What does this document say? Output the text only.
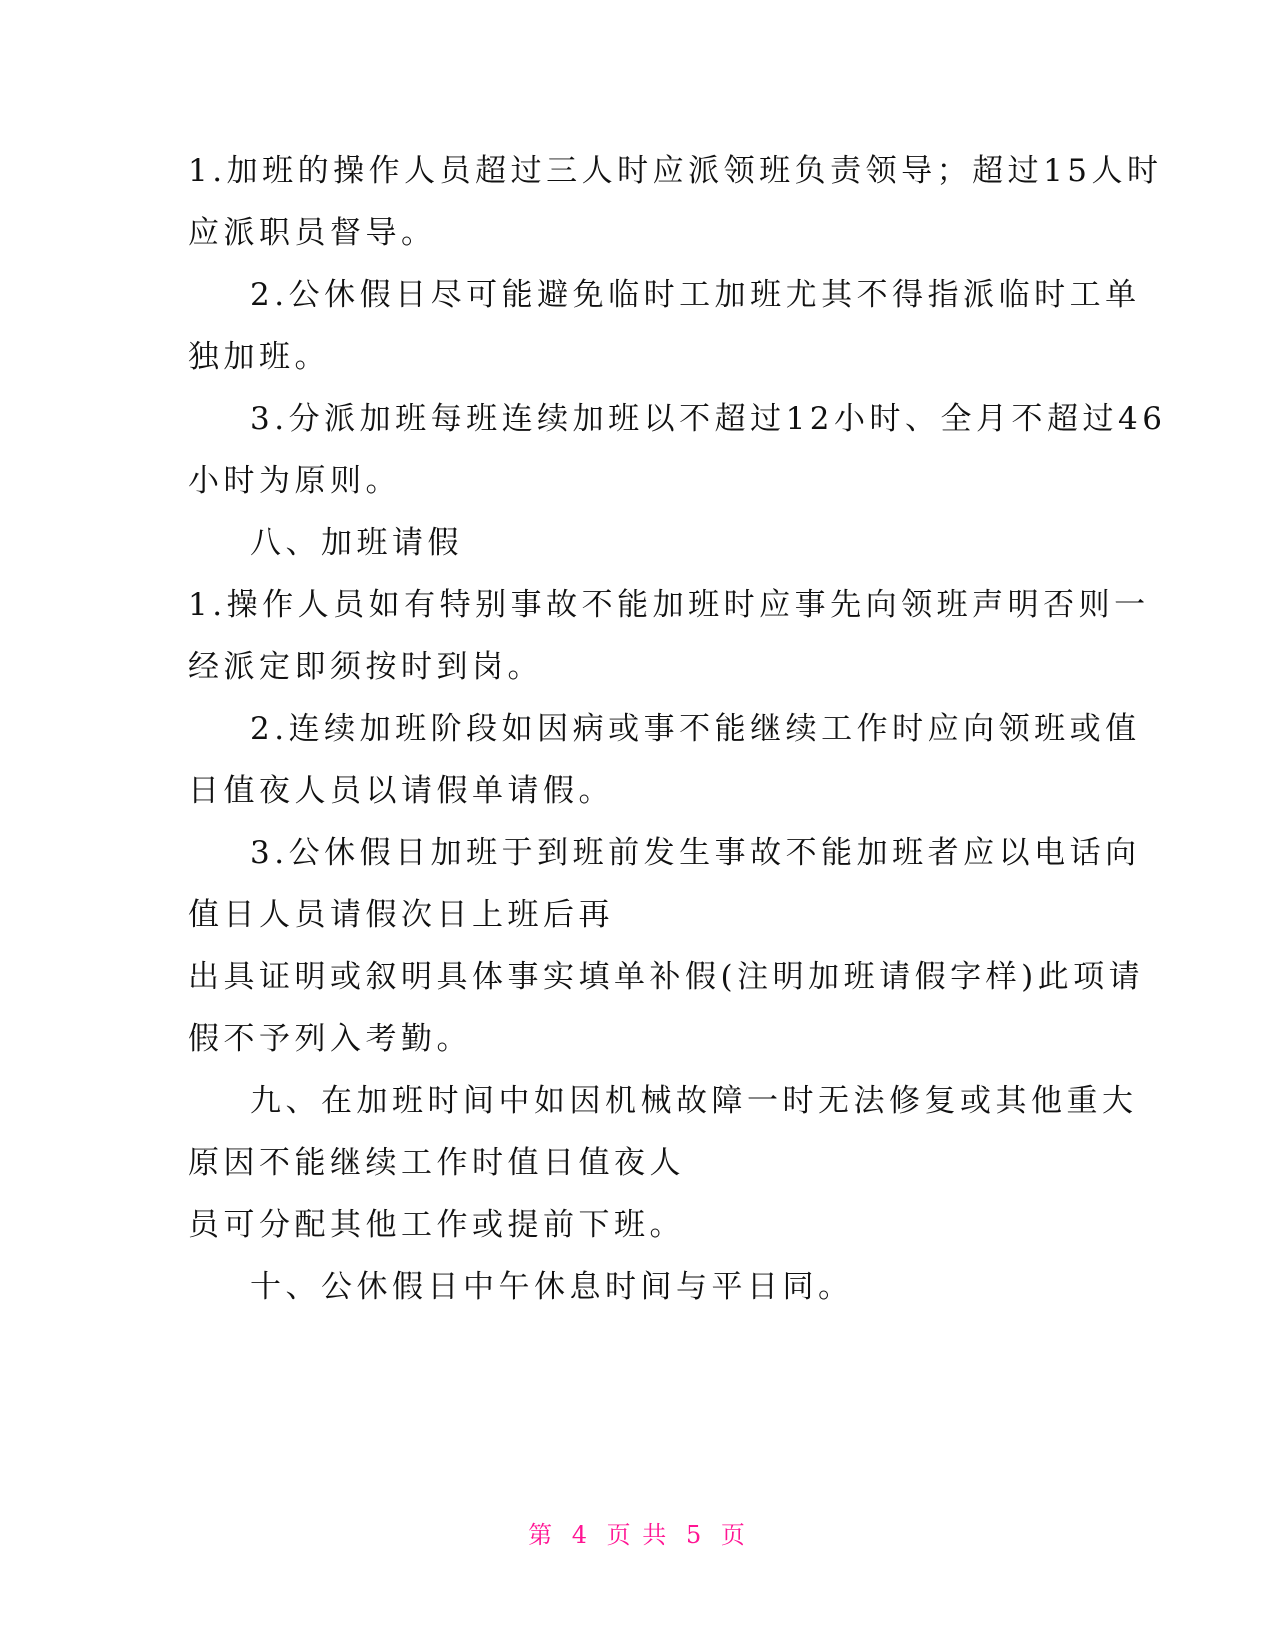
1.加班的操作人员超过三人时应派领班负责领导；超过15人时
应派职员督导。
2.公休假日尽可能避免临时工加班尤其不得指派临时工单
独加班。
3.分派加班每班连续加班以不超过12小时、全月不超过46
小时为原则。
八、加班请假
1.操作人员如有特别事故不能加班时应事先向领班声明否则一
经派定即须按时到岗。
2.连续加班阶段如因病或事不能继续工作时应向领班或值
日值夜人员以请假单请假。
3.公休假日加班于到班前发生事故不能加班者应以电话向
值日人员请假次日上班后再
出具证明或叙明具体事实填单补假(注明加班请假字样)此项请
假不予列入考勤。
九、在加班时间中如因机械故障一时无法修复或其他重大
原因不能继续工作时值日值夜人
员可分配其他工作或提前下班。
十、公休假日中午休息时间与平日同。
第 4 页 共 5 页
